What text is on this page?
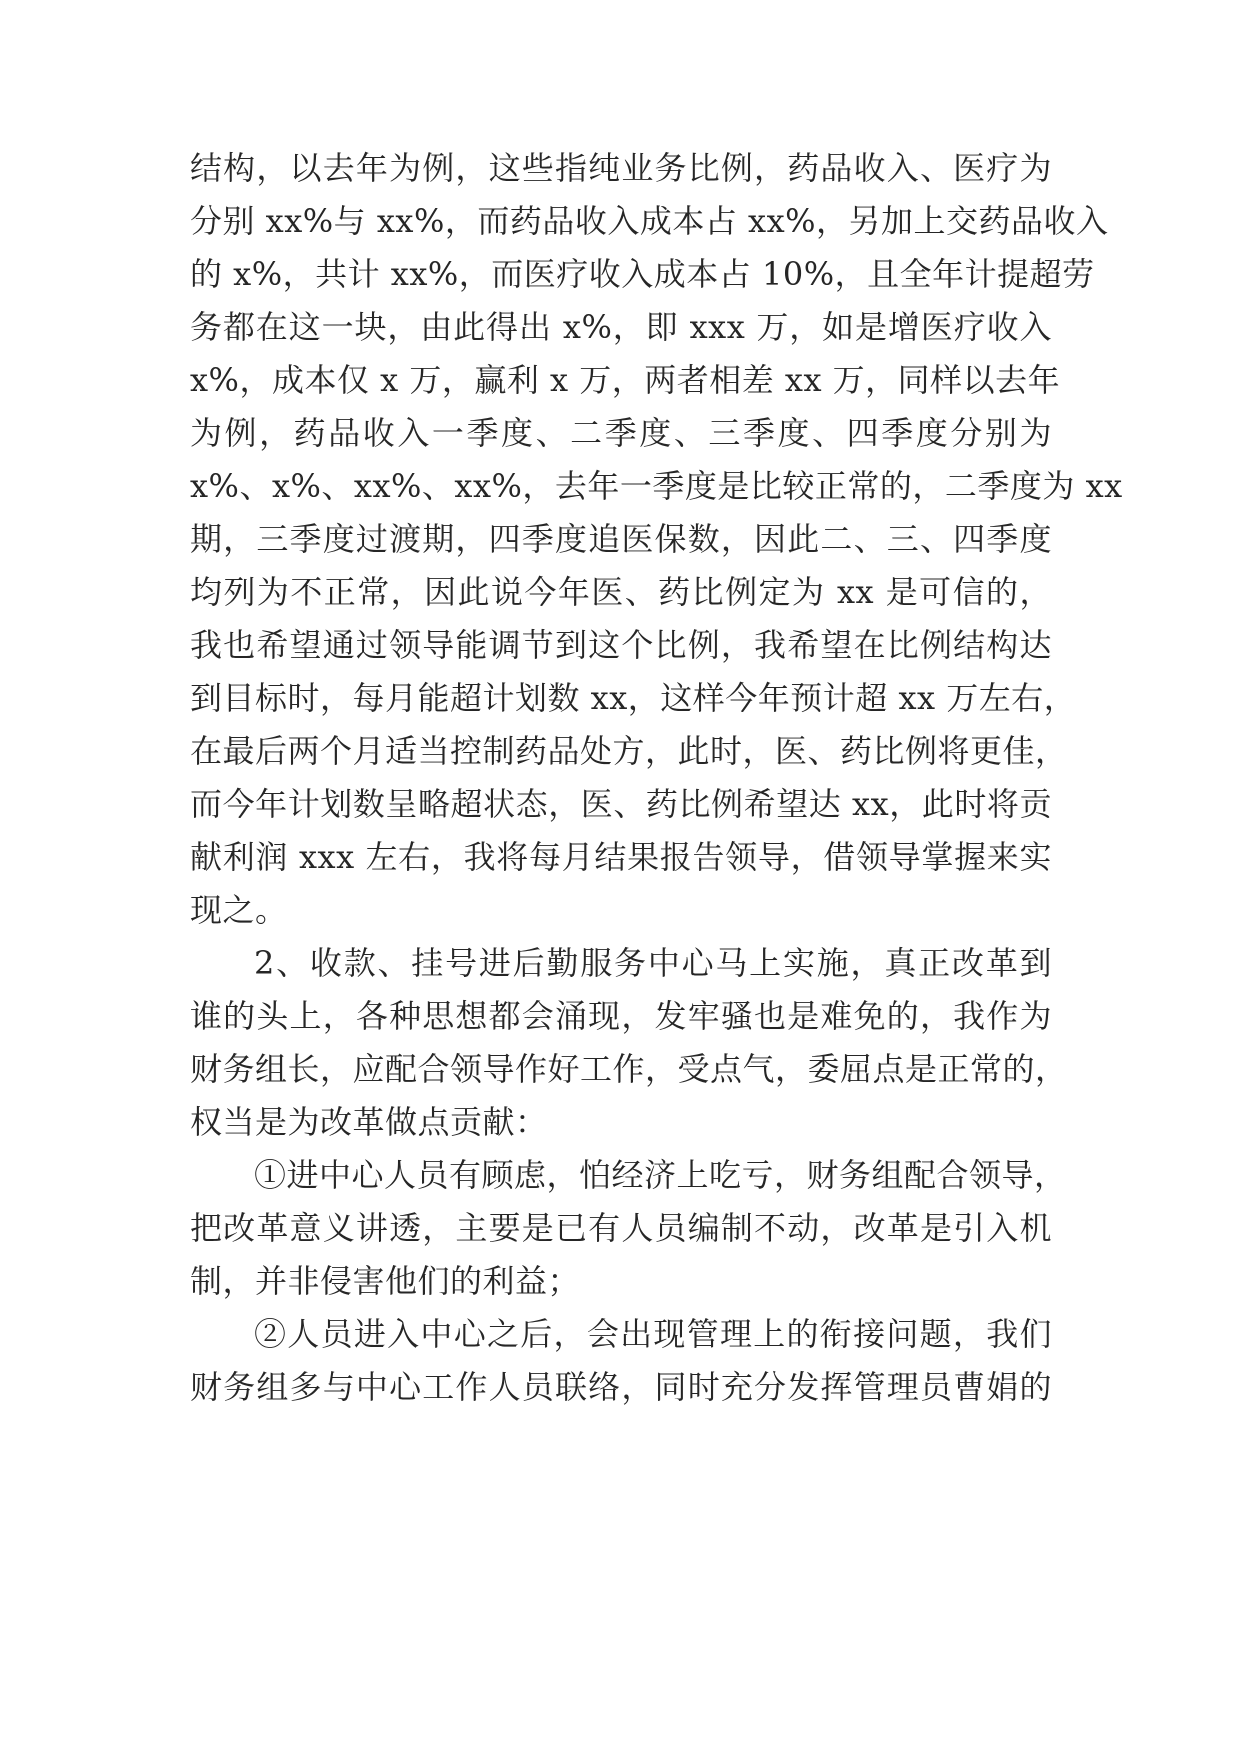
结构，以去年为例，这些指纯业务比例，药品收入、医疗为
分别 xx%与 xx%，而药品收入成本占 xx%，另加上交药品收入
的 x%，共计 xx%，而医疗收入成本占 10%，且全年计提超劳
务都在这一块，由此得出 x%，即 xxx 万，如是增医疗收入
x%，成本仅 x 万，赢利 x 万，两者相差 xx 万，同样以去年
为例，药品收入一季度、二季度、三季度、四季度分别为
x%、x%、xx%、xx%，去年一季度是比较正常的，二季度为 xx
期，三季度过渡期，四季度追医保数，因此二、三、四季度
均列为不正常，因此说今年医、药比例定为 xx 是可信的，
我也希望通过领导能调节到这个比例，我希望在比例结构达
到目标时，每月能超计划数 xx，这样今年预计超 xx 万左右，
在最后两个月适当控制药品处方，此时，医、药比例将更佳，
而今年计划数呈略超状态，医、药比例希望达 xx，此时将贡
献利润 xxx 左右，我将每月结果报告领导，借领导掌握来实
现之。
2、收款、挂号进后勤服务中心马上实施，真正改革到
谁的头上，各种思想都会涌现，发牢骚也是难免的，我作为
财务组长，应配合领导作好工作，受点气，委屈点是正常的，
权当是为改革做点贡献：
①进中心人员有顾虑，怕经济上吃亏，财务组配合领导，
把改革意义讲透，主要是已有人员编制不动，改革是引入机
制，并非侵害他们的利益；
②人员进入中心之后，会出现管理上的衔接问题，我们
财务组多与中心工作人员联络，同时充分发挥管理员曹娟的
